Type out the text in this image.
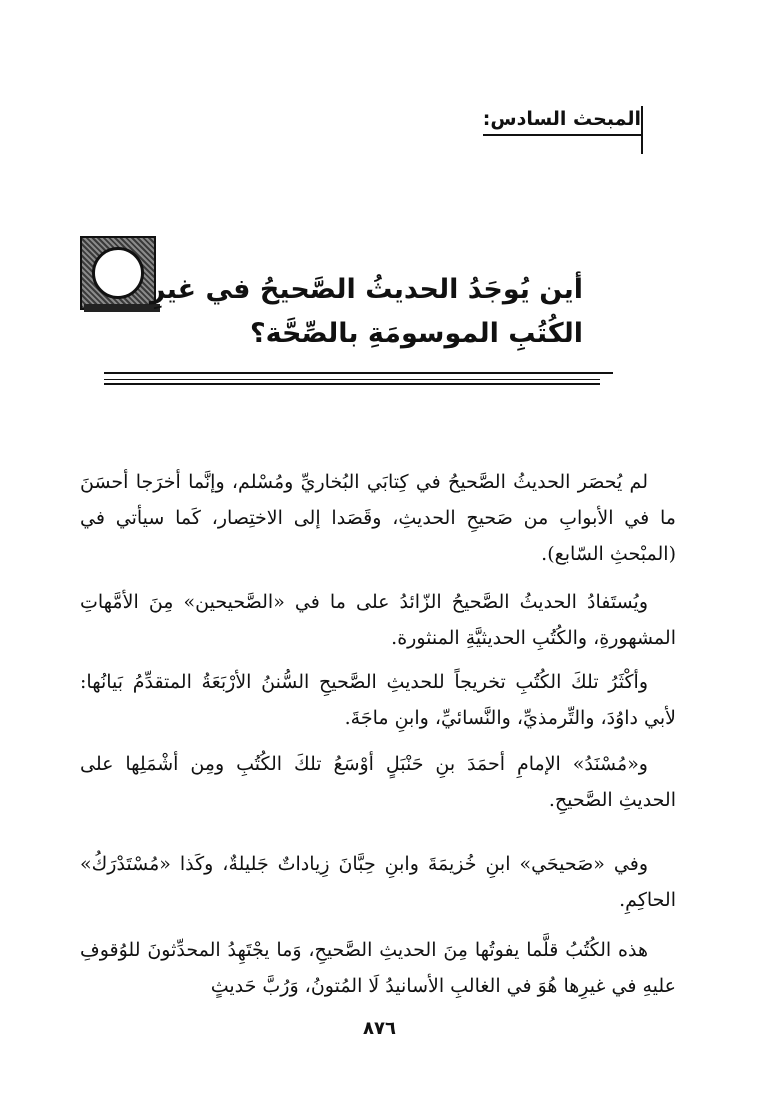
المبحث السادس:
أين يُوجَدُ الحديثُ الصَّحيحُ في غيرِ
الكُتُبِ الموسومَةِ بالصِّحَّة؟

لم يُحصَر الحديثُ الصَّحيحُ في كِتابَي البُخاريِّ ومُسْلم، وإنَّما أخرَجا أحسَنَ ما في الأبوابِ من صَحيحِ الحديثِ، وقَصَدا إلى الاختِصار، كَما سيأتي في (المبْحثِ السّابع).

ويُستَفادُ الحديثُ الصَّحيحُ الزّائدُ على ما في «الصَّحيحين» مِنَ الأمَّهاتِ المشهورةِ، والكُتُبِ الحديثيَّةِ المنثورة.

وأكْثَرُ تلكَ الكُتُبِ تخريجاً للحديثِ الصَّحيحِ السُّننُ الأرْبَعَةُ المتقدِّمُ بَيانُها: لأبي داوُدَ، والتِّرمذيِّ، والنَّسائيِّ، وابنِ ماجَةَ.

و«مُسْنَدُ» الإمامِ أحمَدَ بنِ حَنْبَلٍ أوْسَعُ تلكَ الكُتُبِ ومِن أشْمَلِها على الحديثِ الصَّحيحِ.

وفي «صَحيحَي» ابنِ خُزيمَةَ وابنِ حِبَّانَ زِياداتٌ جَليلةٌ، وكَذا «مُسْتَدْرَكُ» الحاكِمِ.

هذه الكُتُبُ قلَّما يفوتُها مِنَ الحديثِ الصَّحيحِ، وَما يجْتَهِدُ المحدِّثونَ للوُقوفِ عليهِ في غيرِها هُوَ في الغالبِ الأسانيدُ لَا المُتونُ، وَرُبَّ حَديثٍ

٨٧٦
